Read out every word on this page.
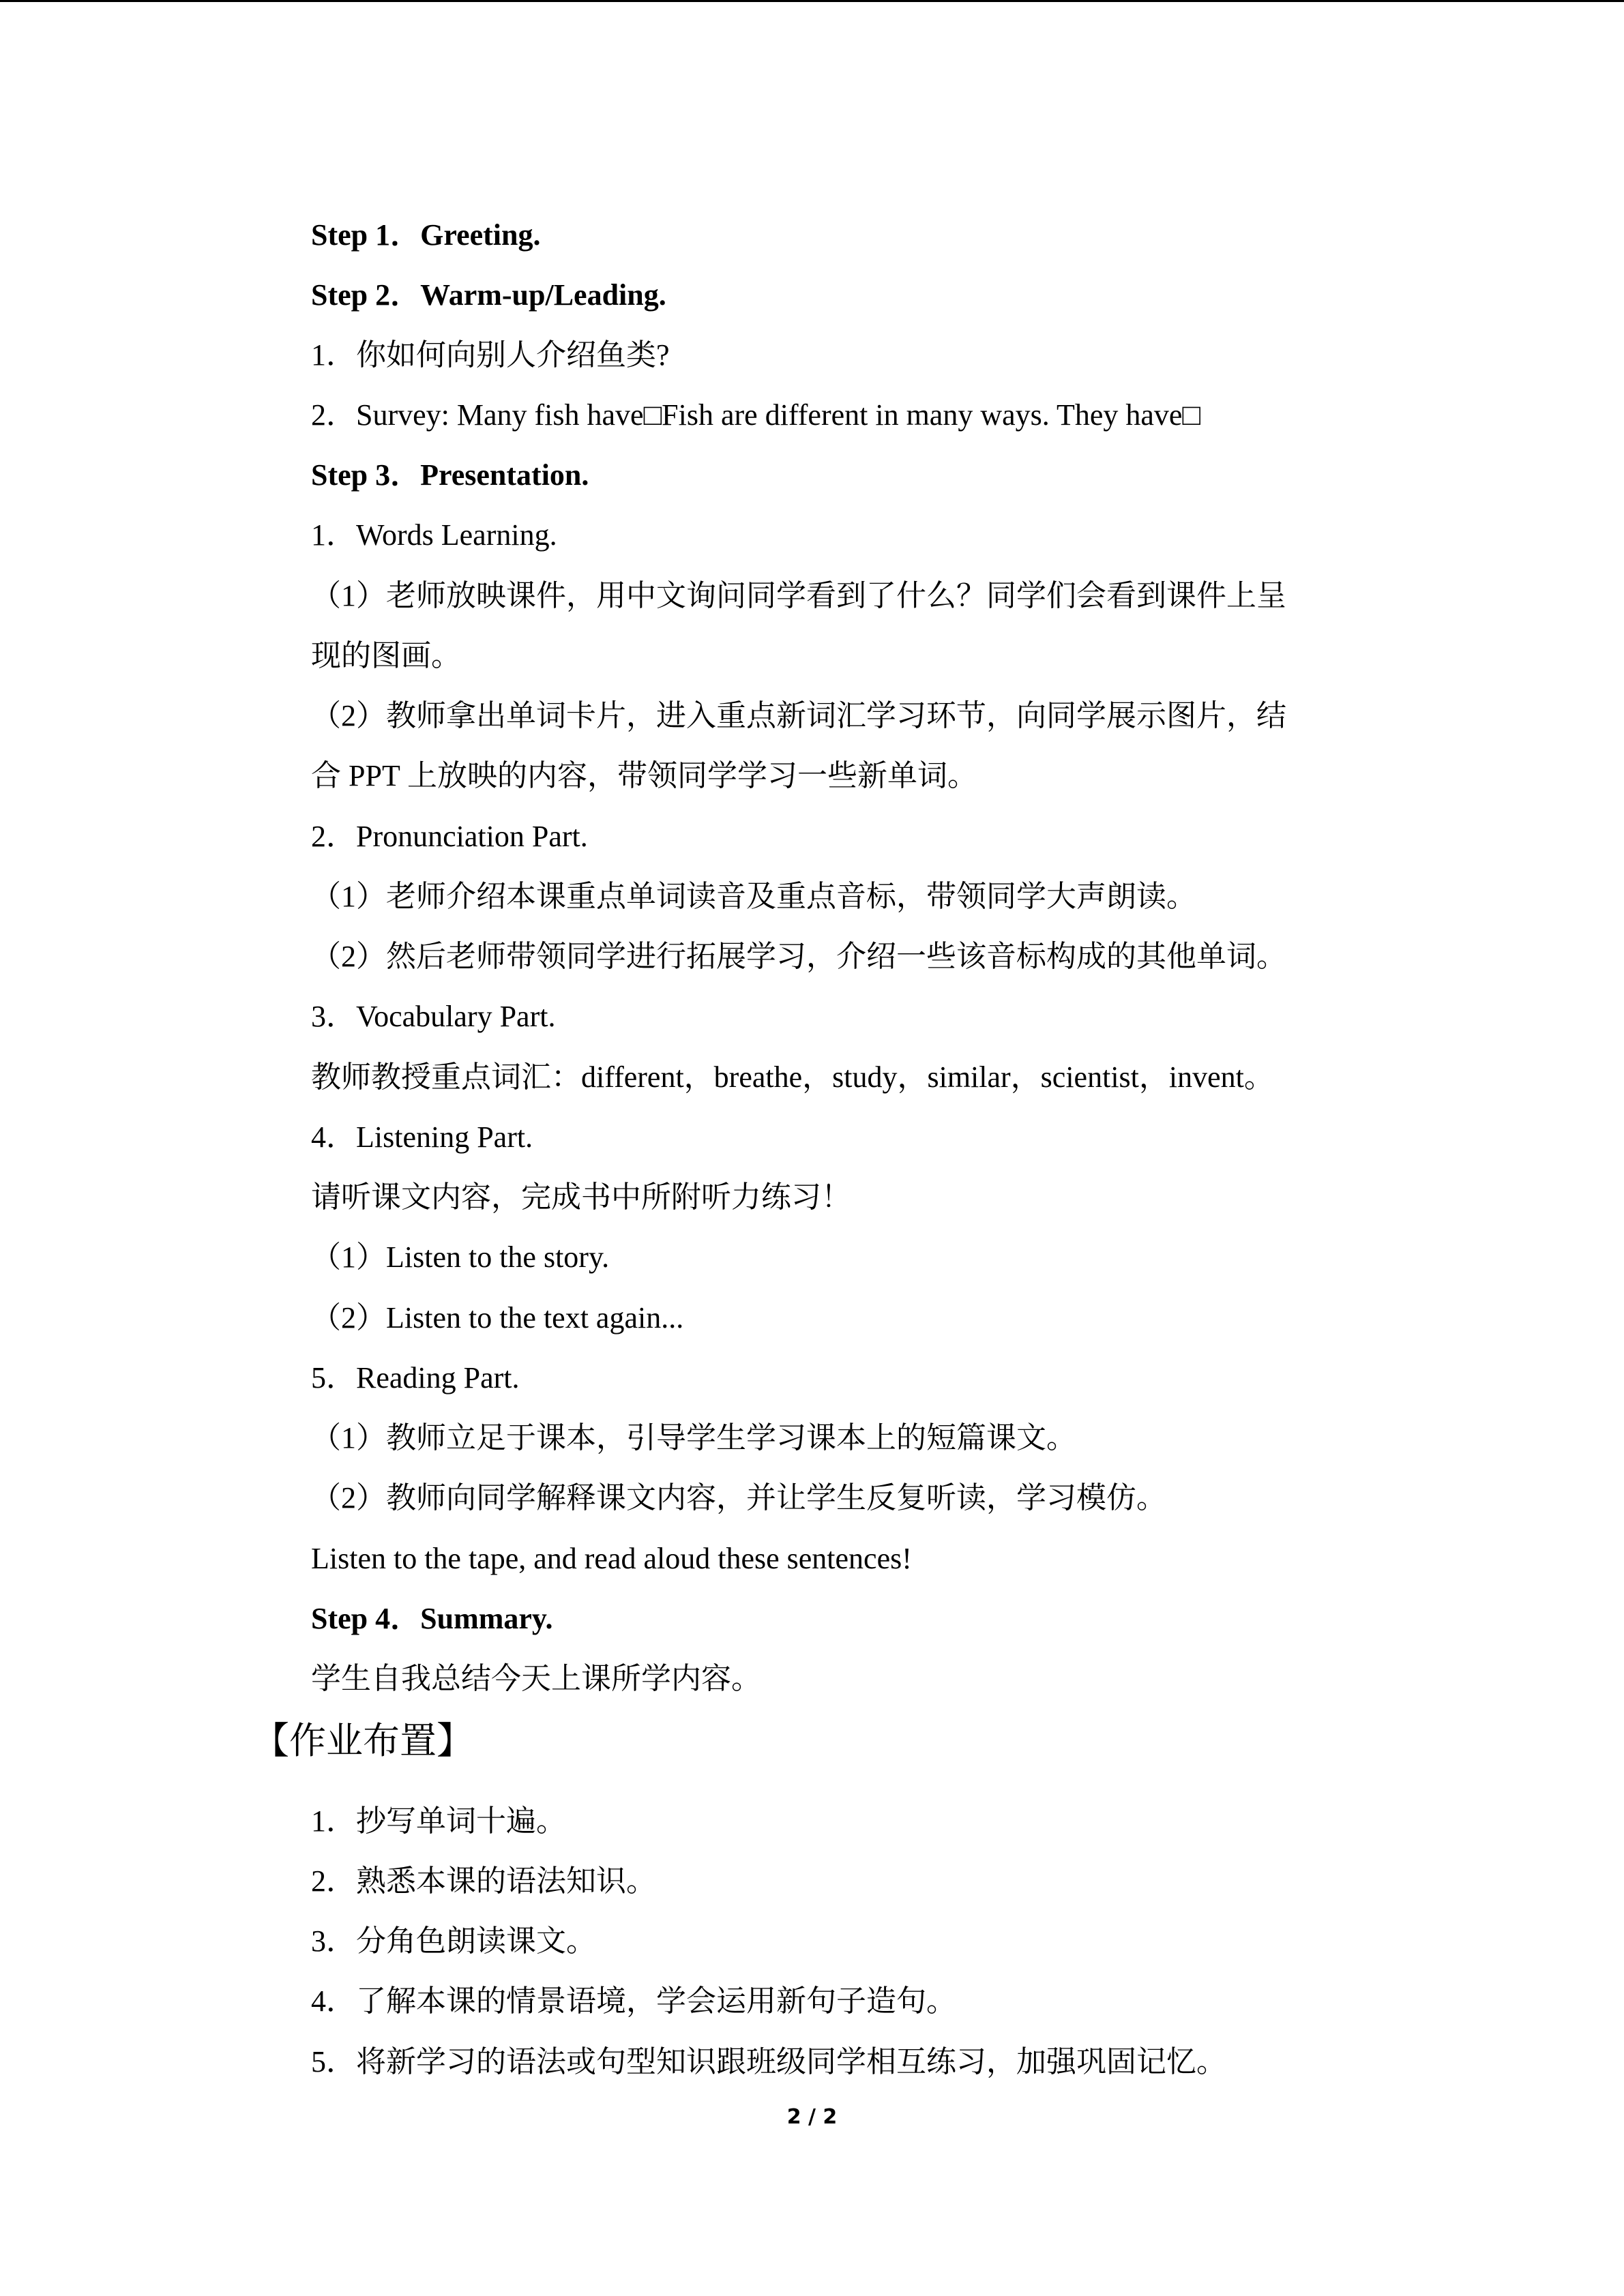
Step 1．Greeting.
Step 2．Warm-up/Leading.
1．你如何向别人介绍鱼类?
2．Survey: Many fish have□Fish are different in many ways. They have□
Step 3．Presentation.
1．Words Learning.
（1）老师放映课件，用中文询问同学看到了什么？同学们会看到课件上呈
现的图画。
（2）教师拿出单词卡片，进入重点新词汇学习环节，向同学展示图片，结
合 PPT 上放映的内容，带领同学学习一些新单词。
2．Pronunciation Part.
（1）老师介绍本课重点单词读音及重点音标，带领同学大声朗读。
（2）然后老师带领同学进行拓展学习，介绍一些该音标构成的其他单词。
3．Vocabulary Part.
教师教授重点词汇：different，breathe，study，similar，scientist，invent。
4．Listening Part.
请听课文内容，完成书中所附听力练习！
（1）Listen to the story.
（2）Listen to the text again...
5．Reading Part.
（1）教师立足于课本，引导学生学习课本上的短篇课文。
（2）教师向同学解释课文内容，并让学生反复听读，学习模仿。
Listen to the tape, and read aloud these sentences!
Step 4．Summary.
学生自我总结今天上课所学内容。
【作业布置】
1．抄写单词十遍。
2．熟悉本课的语法知识。
3．分角色朗读课文。
4．了解本课的情景语境，学会运用新句子造句。
5．将新学习的语法或句型知识跟班级同学相互练习，加强巩固记忆。
2 / 2
